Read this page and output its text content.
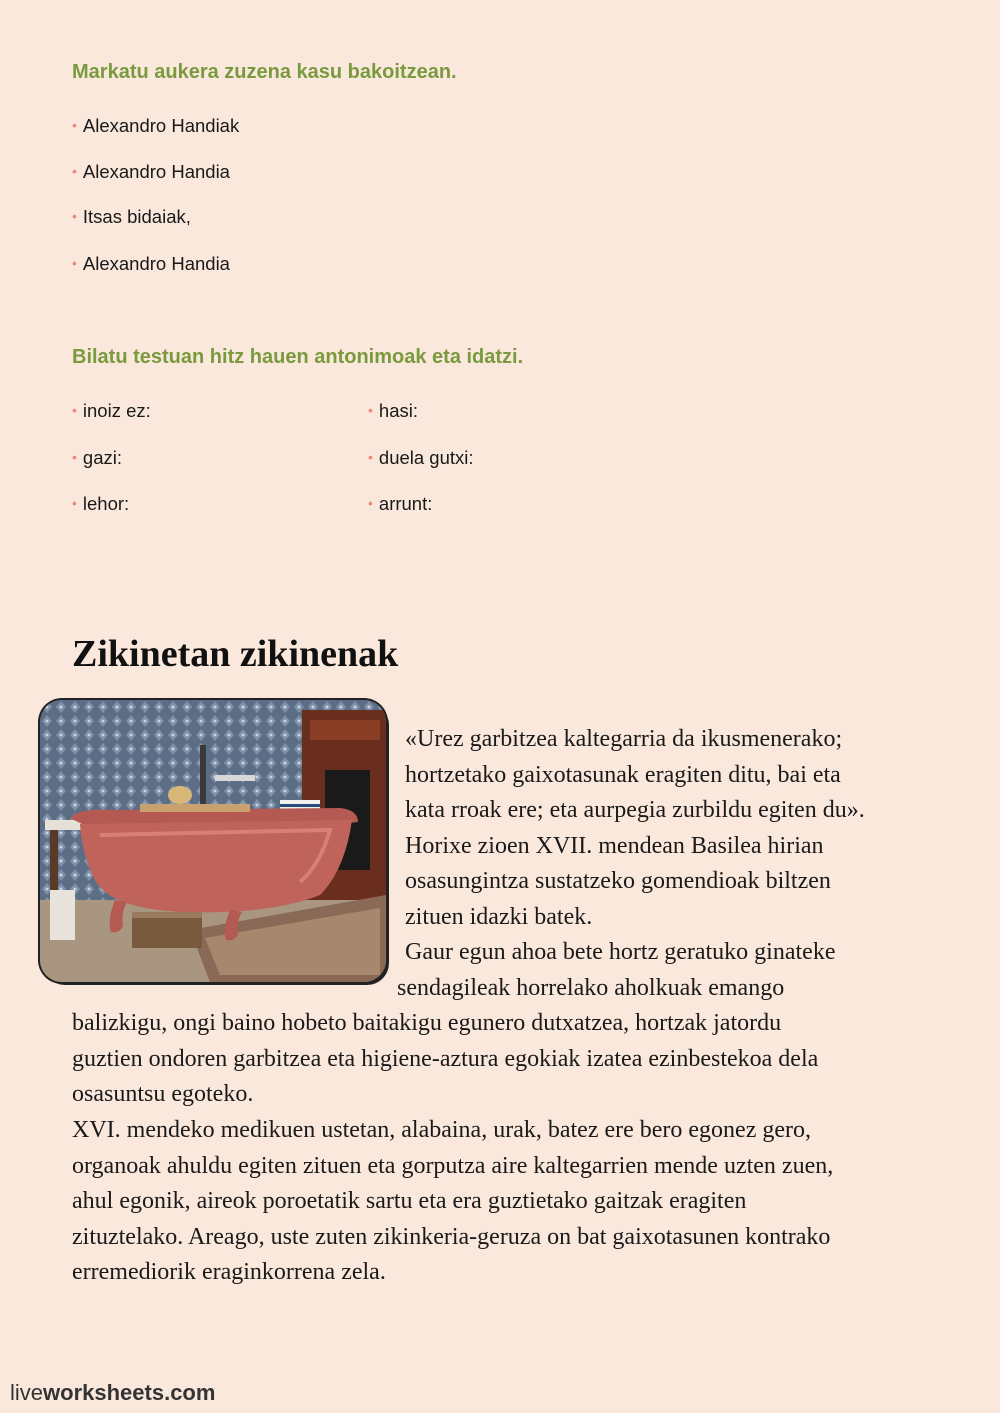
Markatu aukera zuzena kasu bakoitzean.
• Alexandro Handiak
• Alexandro Handia
• Itsas bidaiak,
• Alexandro Handia
Bilatu testuan hitz hauen antonimoak eta idatzi.
• inoiz ez:
• gazi:
• lehor:
• hasi:
• duela gutxi:
• arrunt:
Zikinetan zikinenak
«Urez garbitzea kaltegarria da ikusmenerako;
hortzetako gaixotasunak eragiten ditu, bai eta
kata rroak ere; eta aurpegia zurbildu egiten du».
Horixe zioen XVII. mendean Basilea hirian
osasungintza sustatzeko gomendioak biltzen
zituen idazki batek.
Gaur egun ahoa bete hortz geratuko ginateke
sendagileak horrelako aholkuak emango
balizkigu, ongi baino hobeto baitakigu egunero dutxatzea, hortzak jatordu
guztien ondoren garbitzea eta higiene-aztura egokiak izatea ezinbestekoa dela
osasuntsu egoteko.
XVI. mendeko medikuen ustetan, alabaina, urak, batez ere bero egonez gero,
organoak ahuldu egiten zituen eta gorputza aire kaltegarrien mende uzten zuen,
ahul egonik, aireok poroetatik sartu eta era guztietako gaitzak eragiten
zituztelako. Areago, uste zuten zikinkeria-geruza on bat gaixotasunen kontrako
erremediorik eraginkorrena zela.
liveworksheets.com
